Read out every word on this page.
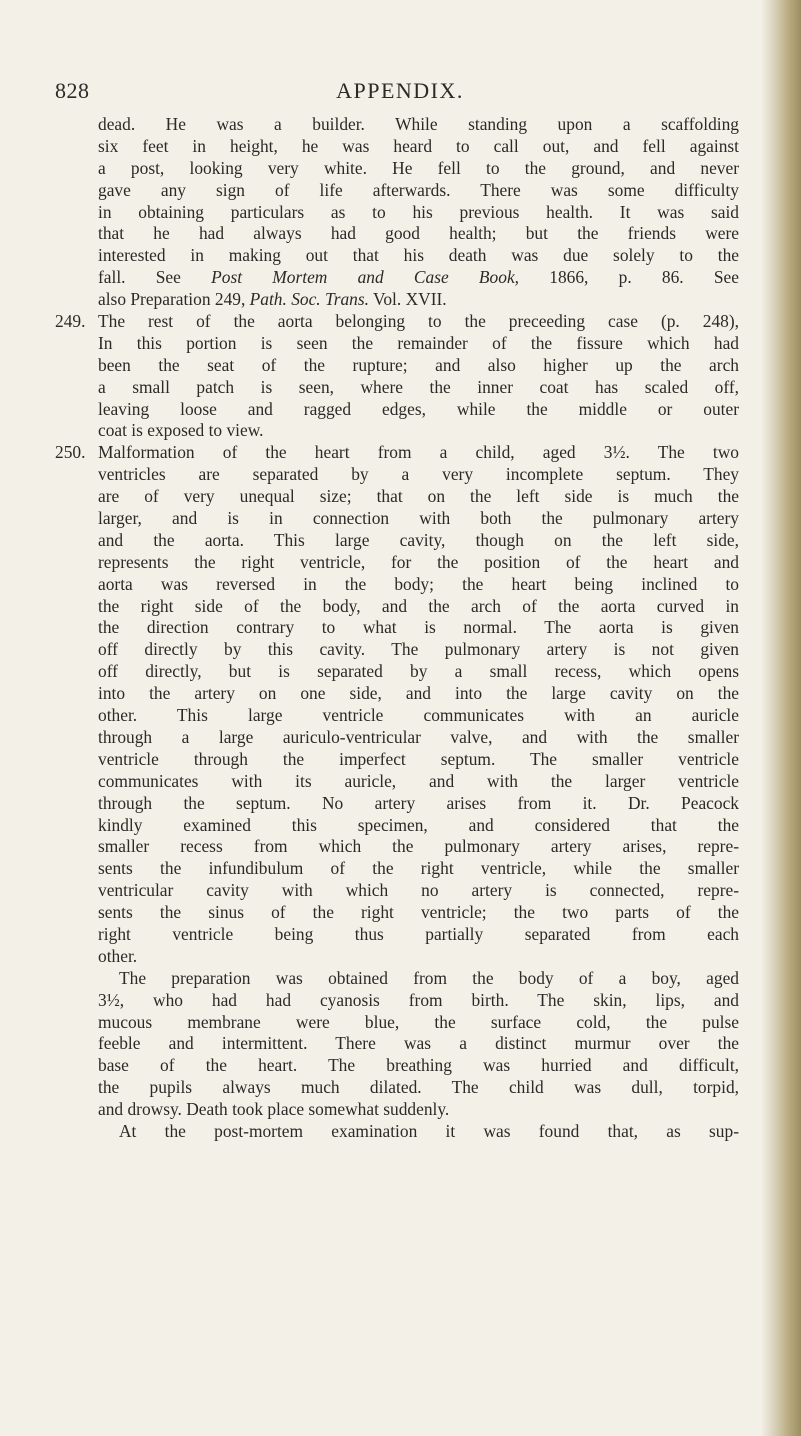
828	APPENDIX.
dead. He was a builder. While standing upon a scaffolding
six feet in height, he was heard to call out, and fell against
a post, looking very white. He fell to the ground, and never
gave any sign of life afterwards. There was some difficulty
in obtaining particulars as to his previous health. It was said
that he had always had good health; but the friends were
interested in making out that his death was due solely to the
fall. See Post Mortem and Case Book, 1866, p. 86. See
also Preparation 249, Path. Soc. Trans. Vol. XVII.
249. The rest of the aorta belonging to the preceeding case (p. 248),
In this portion is seen the remainder of the fissure which had
been the seat of the rupture; and also higher up the arch
a small patch is seen, where the inner coat has scaled off,
leaving loose and ragged edges, while the middle or outer
coat is exposed to view.
250. Malformation of the heart from a child, aged 3½. The two
ventricles are separated by a very incomplete septum. They
are of very unequal size; that on the left side is much the
larger, and is in connection with both the pulmonary artery
and the aorta. This large cavity, though on the left side,
represents the right ventricle, for the position of the heart and
aorta was reversed in the body; the heart being inclined to
the right side of the body, and the arch of the aorta curved in
the direction contrary to what is normal. The aorta is given
off directly by this cavity. The pulmonary artery is not given
off directly, but is separated by a small recess, which opens
into the artery on one side, and into the large cavity on the
other. This large ventricle communicates with an auricle
through a large auriculo-ventricular valve, and with the smaller
ventricle through the imperfect septum. The smaller ventricle
communicates with its auricle, and with the larger ventricle
through the septum. No artery arises from it. Dr. Peacock
kindly examined this specimen, and considered that the
smaller recess from which the pulmonary artery arises, repre-
sents the infundibulum of the right ventricle, while the smaller
ventricular cavity with which no artery is connected, repre-
sents the sinus of the right ventricle; the two parts of the
right ventricle being thus partially separated from each
other.
The preparation was obtained from the body of a boy, aged
3½, who had had cyanosis from birth. The skin, lips, and
mucous membrane were blue, the surface cold, the pulse
feeble and intermittent. There was a distinct murmur over the
base of the heart. The breathing was hurried and difficult,
the pupils always much dilated. The child was dull, torpid,
and drowsy. Death took place somewhat suddenly.
At the post-mortem examination it was found that, as sup-
